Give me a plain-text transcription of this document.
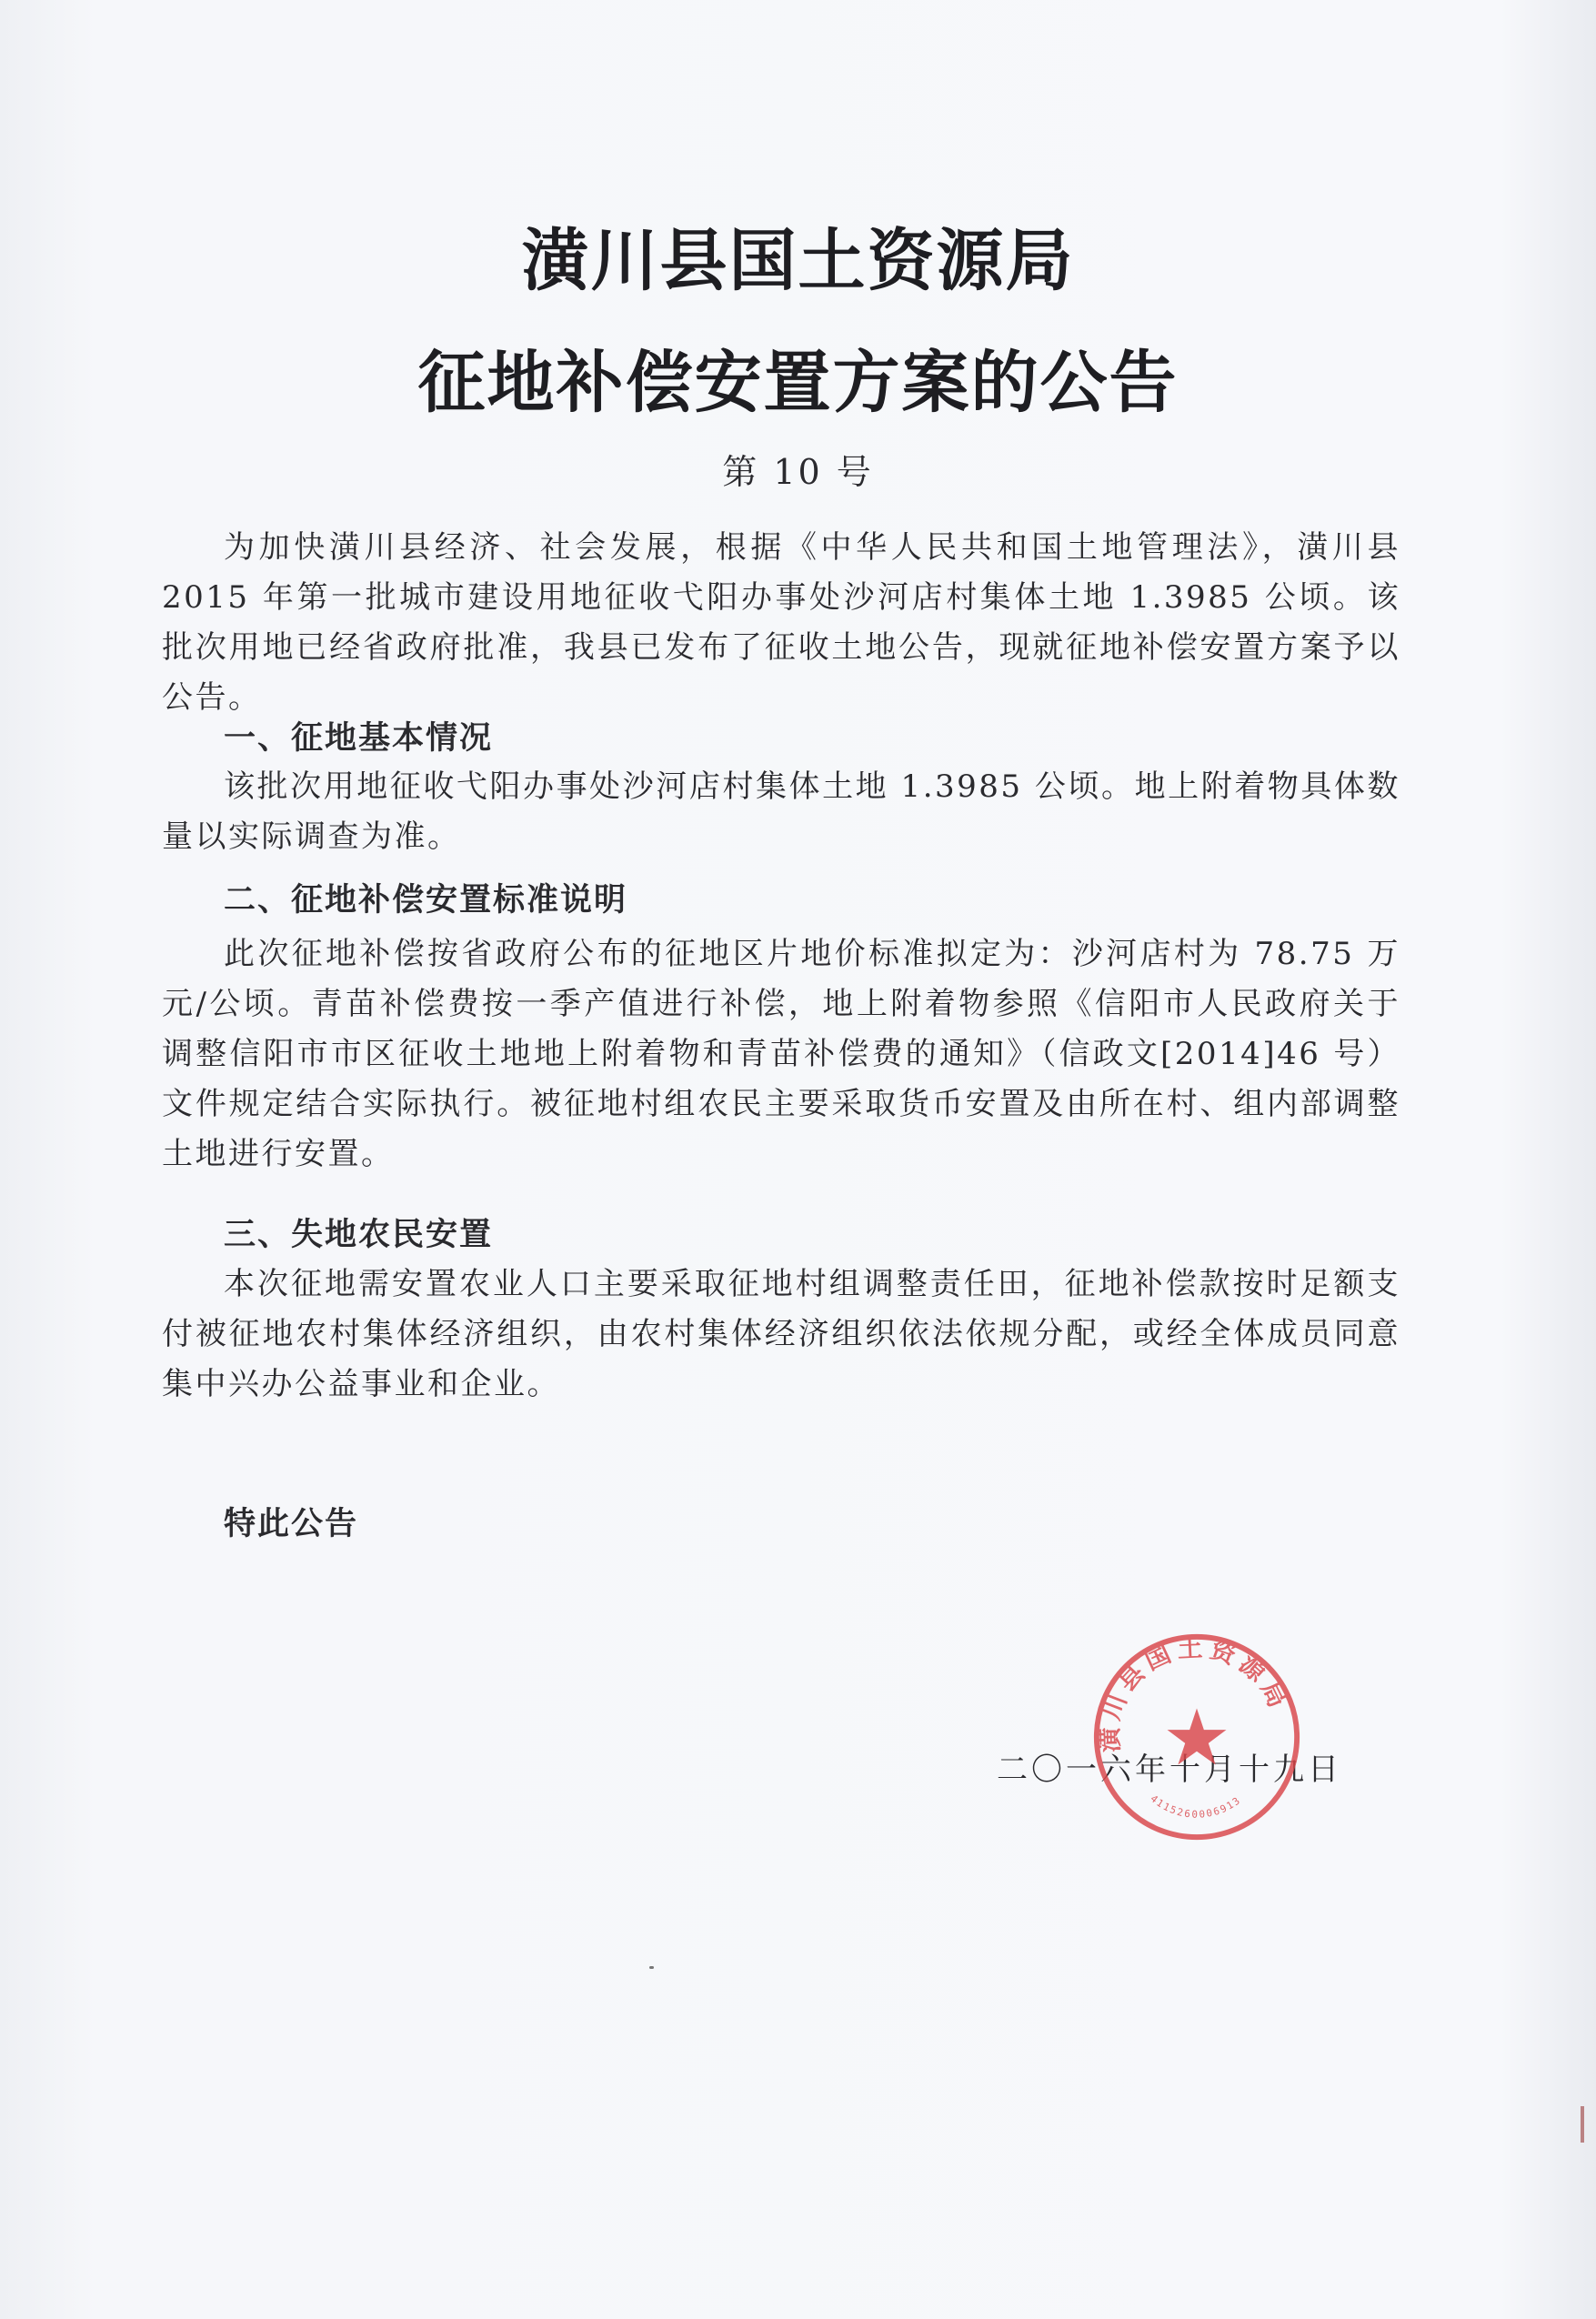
潢川县国土资源局
征地补偿安置方案的公告
第 10 号

为加快潢川县经济、社会发展，根据《中华人民共和国土地管理法》，潢川县 2015 年第一批城市建设用地征收弋阳办事处沙河店村集体土地 1.3985 公顷。该批次用地已经省政府批准，我县已发布了征收土地公告，现就征地补偿安置方案予以公告。

一、征地基本情况

该批次用地征收弋阳办事处沙河店村集体土地 1.3985 公顷。地上附着物具体数量以实际调查为准。

二、征地补偿安置标准说明

此次征地补偿按省政府公布的征地区片地价标准拟定为：沙河店村为 78.75 万元/公顷。青苗补偿费按一季产值进行补偿，地上附着物参照《信阳市人民政府关于调整信阳市市区征收土地地上附着物和青苗补偿费的通知》（信政文[2014]46 号）文件规定结合实际执行。被征地村组农民主要采取货币安置及由所在村、组内部调整土地进行安置。

三、失地农民安置

本次征地需安置农业人口主要采取征地村组调整责任田，征地补偿款按时足额支付被征地农村集体经济组织，由农村集体经济组织依法依规分配，或经全体成员同意集中兴办公益事业和企业。

特此公告
二〇一六年十月十九日
潢川县国土资源局
4115260006913
